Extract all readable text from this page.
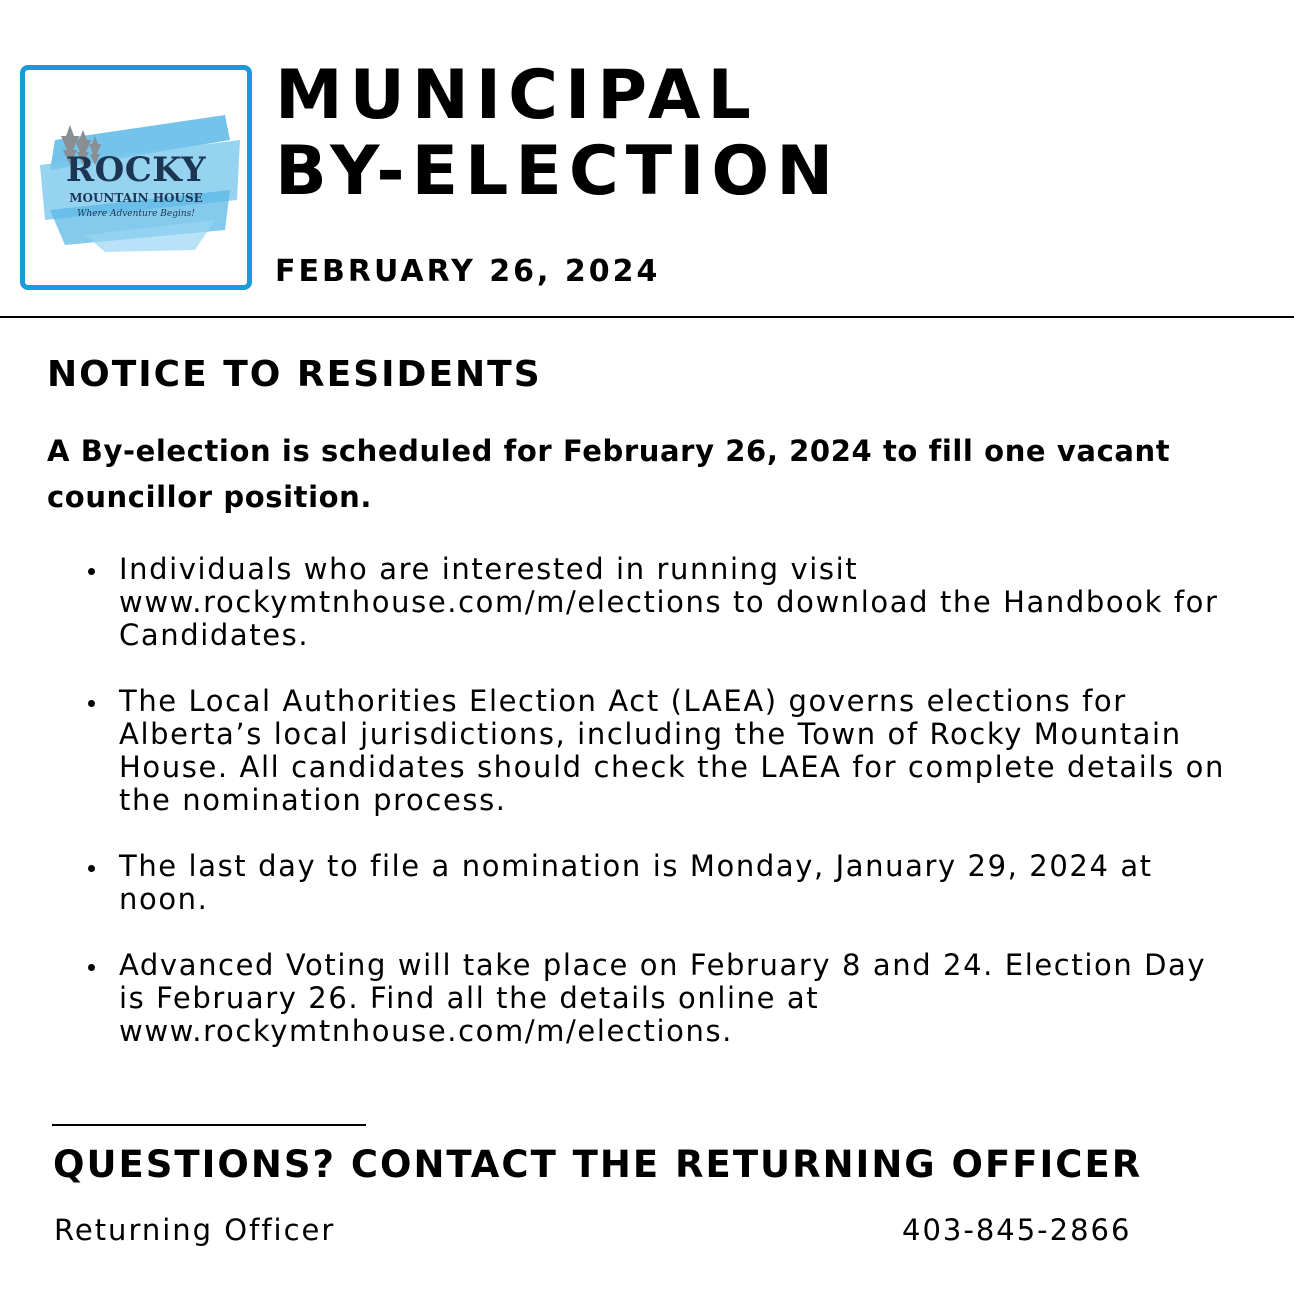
ROCKY
MOUNTAIN HOUSE
Where Adventure Begins!
MUNICIPAL
BY-ELECTION
FEBRUARY 26, 2024
NOTICE TO RESIDENTS

A By-election is scheduled for February 26, 2024 to fill one vacant councillor position.

Individuals who are interested in running visit www.rockymtnhouse.com/m/elections to download the Handbook for Candidates.
The Local Authorities Election Act (LAEA) governs elections for Alberta’s local jurisdictions, including the Town of Rocky Mountain House. All candidates should check the LAEA for complete details on the nomination process.
The last day to file a nomination is Monday, January 29, 2024 at noon.
Advanced Voting will take place on February 8 and 24. Election Day is February 26. Find all the details online at www.rockymtnhouse.com/m/elections.
QUESTIONS? CONTACT THE RETURNING OFFICER
Returning Officer	403-845-2866
